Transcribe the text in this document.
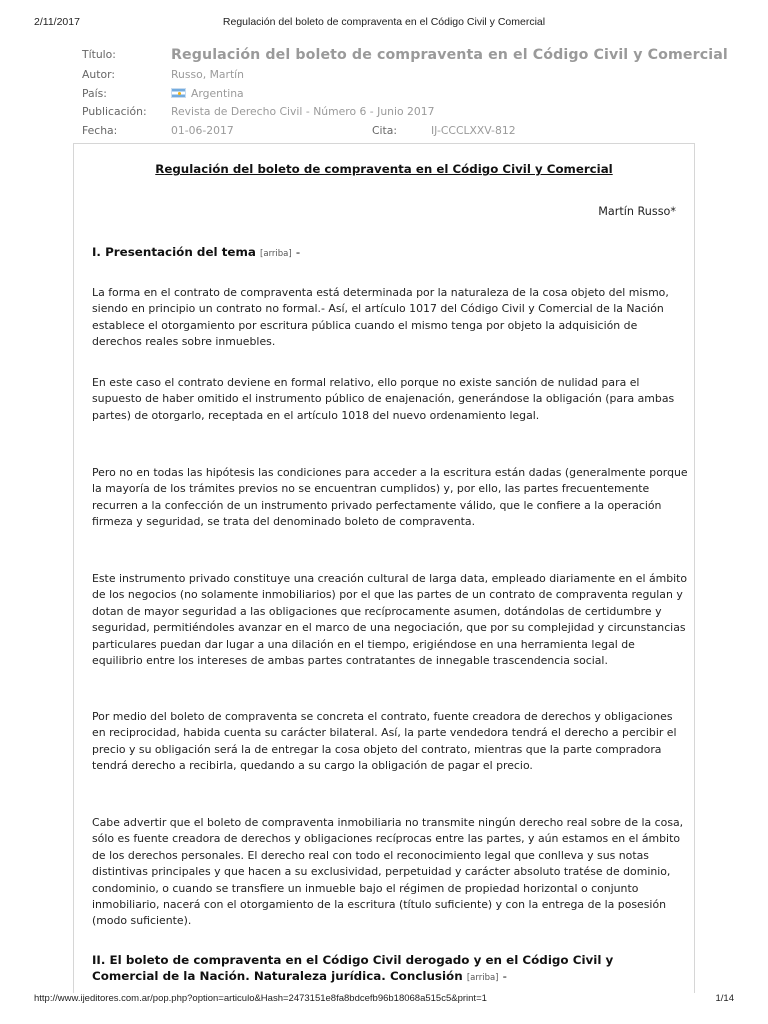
2/11/2017	Regulación del boleto de compraventa en el Código Civil y Comercial
Título:	Regulación del boleto de compraventa en el Código Civil y Comercial
Autor:	Russo, Martín
País:	Argentina
Publicación: Revista de Derecho Civil - Número 6 - Junio 2017
Fecha:	01-06-2017	Cita:	IJ-CCCLXXV-812
Regulación del boleto de compraventa en el Código Civil y Comercial
Martín Russo*
I. Presentación del tema [arriba] -

La forma en el contrato de compraventa está determinada por la naturaleza de la cosa objeto del mismo, siendo en principio un contrato no formal.- Así, el artículo 1017 del Código Civil y Comercial de la Nación establece el otorgamiento por escritura pública cuando el mismo tenga por objeto la adquisición de derechos reales sobre inmuebles.

En este caso el contrato deviene en formal relativo, ello porque no existe sanción de nulidad para el supuesto de haber omitido el instrumento público de enajenación, generándose la obligación (para ambas partes) de otorgarlo, receptada en el artículo 1018 del nuevo ordenamiento legal.

Pero no en todas las hipótesis las condiciones para acceder a la escritura están dadas (generalmente porque la mayoría de los trámites previos no se encuentran cumplidos) y, por ello, las partes frecuentemente recurren a la confección de un instrumento privado perfectamente válido, que le confiere a la operación firmeza y seguridad, se trata del denominado boleto de compraventa.

Este instrumento privado constituye una creación cultural de larga data, empleado diariamente en el ámbito de los negocios (no solamente inmobiliarios) por el que las partes de un contrato de compraventa regulan y dotan de mayor seguridad a las obligaciones que recíprocamente asumen, dotándolas de certidumbre y seguridad, permitiéndoles avanzar en el marco de una negociación, que por su complejidad y circunstancias particulares puedan dar lugar a una dilación en el tiempo, erigiéndose en una herramienta legal de equilibrio entre los intereses de ambas partes contratantes de innegable trascendencia social.

Por medio del boleto de compraventa se concreta el contrato, fuente creadora de derechos y obligaciones en reciprocidad, habida cuenta su carácter bilateral. Así, la parte vendedora tendrá el derecho a percibir el precio y su obligación será la de entregar la cosa objeto del contrato, mientras que la parte compradora tendrá derecho a recibirla, quedando a su cargo la obligación de pagar el precio.

Cabe advertir que el boleto de compraventa inmobiliaria no transmite ningún derecho real sobre de la cosa, sólo es fuente creadora de derechos y obligaciones recíprocas entre las partes, y aún estamos en el ámbito de los derechos personales. El derecho real con todo el reconocimiento legal que conlleva y sus notas distintivas principales y que hacen a su exclusividad, perpetuidad y carácter absoluto tratése de dominio, condominio, o cuando se transfiere un inmueble bajo el régimen de propiedad horizontal o conjunto inmobiliario, nacerá con el otorgamiento de la escritura (título suficiente) y con la entrega de la posesión (modo suficiente).

II. El boleto de compraventa en el Código Civil derogado y en el Código Civil y Comercial de la Nación. Naturaleza jurídica. Conclusión [arriba] -
http://www.ijeditores.com.ar/pop.php?option=articulo&Hash=2473151e8fa8bdcefb96b18068a515c5&print=1	1/14
